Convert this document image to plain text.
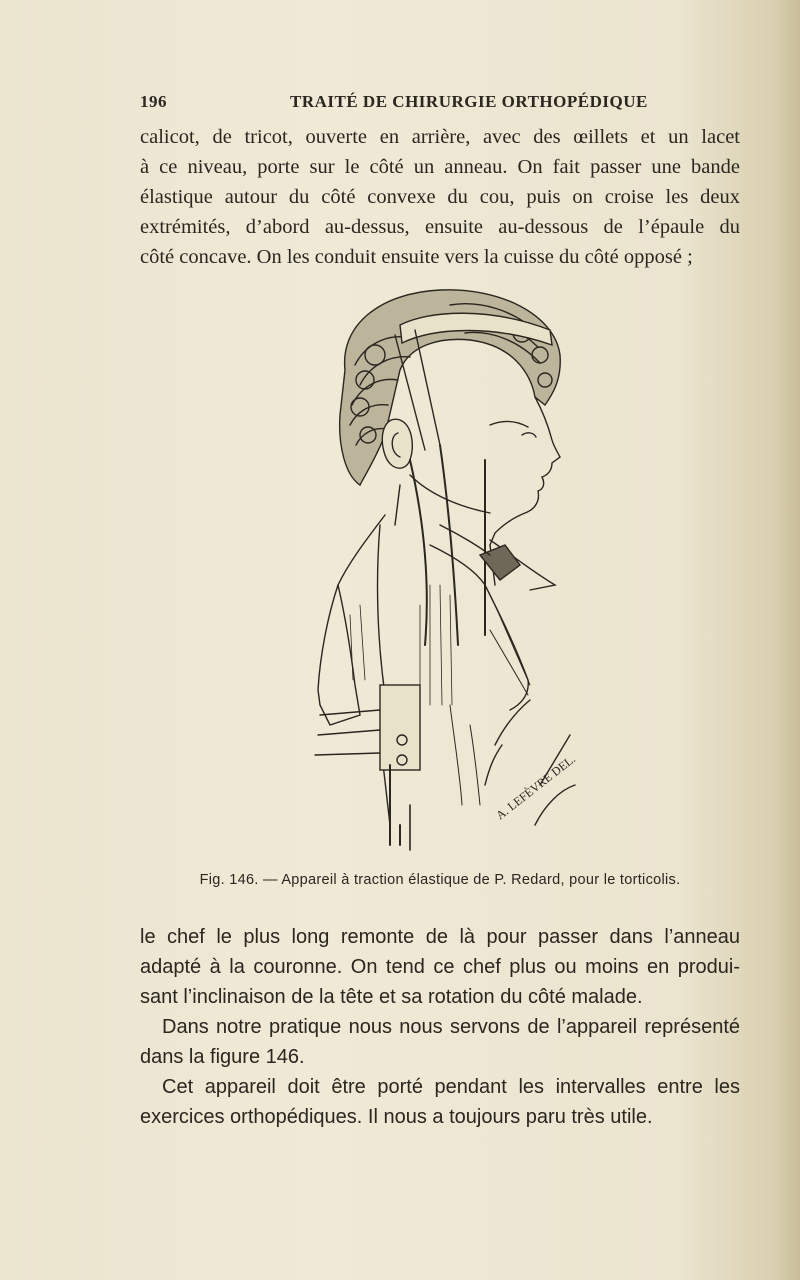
196	TRAITÉ DE CHIRURGIE ORTHOPÉDIQUE

calicot, de tricot, ouverte en arrière, avec des œillets et un lacet
à ce niveau, porte sur le côté un anneau. On fait passer une bande
élastique autour du côté convexe du cou, puis on croise les deux
extrémités, d’abord au-dessus, ensuite au-dessous de l’épaule du
côté concave. On les conduit ensuite vers la cuisse du côté opposé ;

A. LEFÈVRE DEL.
Fig. 146. — Appareil à traction élastique de P. Redard, pour le torticolis.

le chef le plus long remonte de là pour passer dans l’anneau
adapté à la couronne. On tend ce chef plus ou moins en produi-
sant l’inclinaison de la tête et sa rotation du côté malade.
Dans notre pratique nous nous servons de l’appareil représenté
dans la figure 146.
Cet appareil doit être porté pendant les intervalles entre les
exercices orthopédiques. Il nous a toujours paru très utile.
